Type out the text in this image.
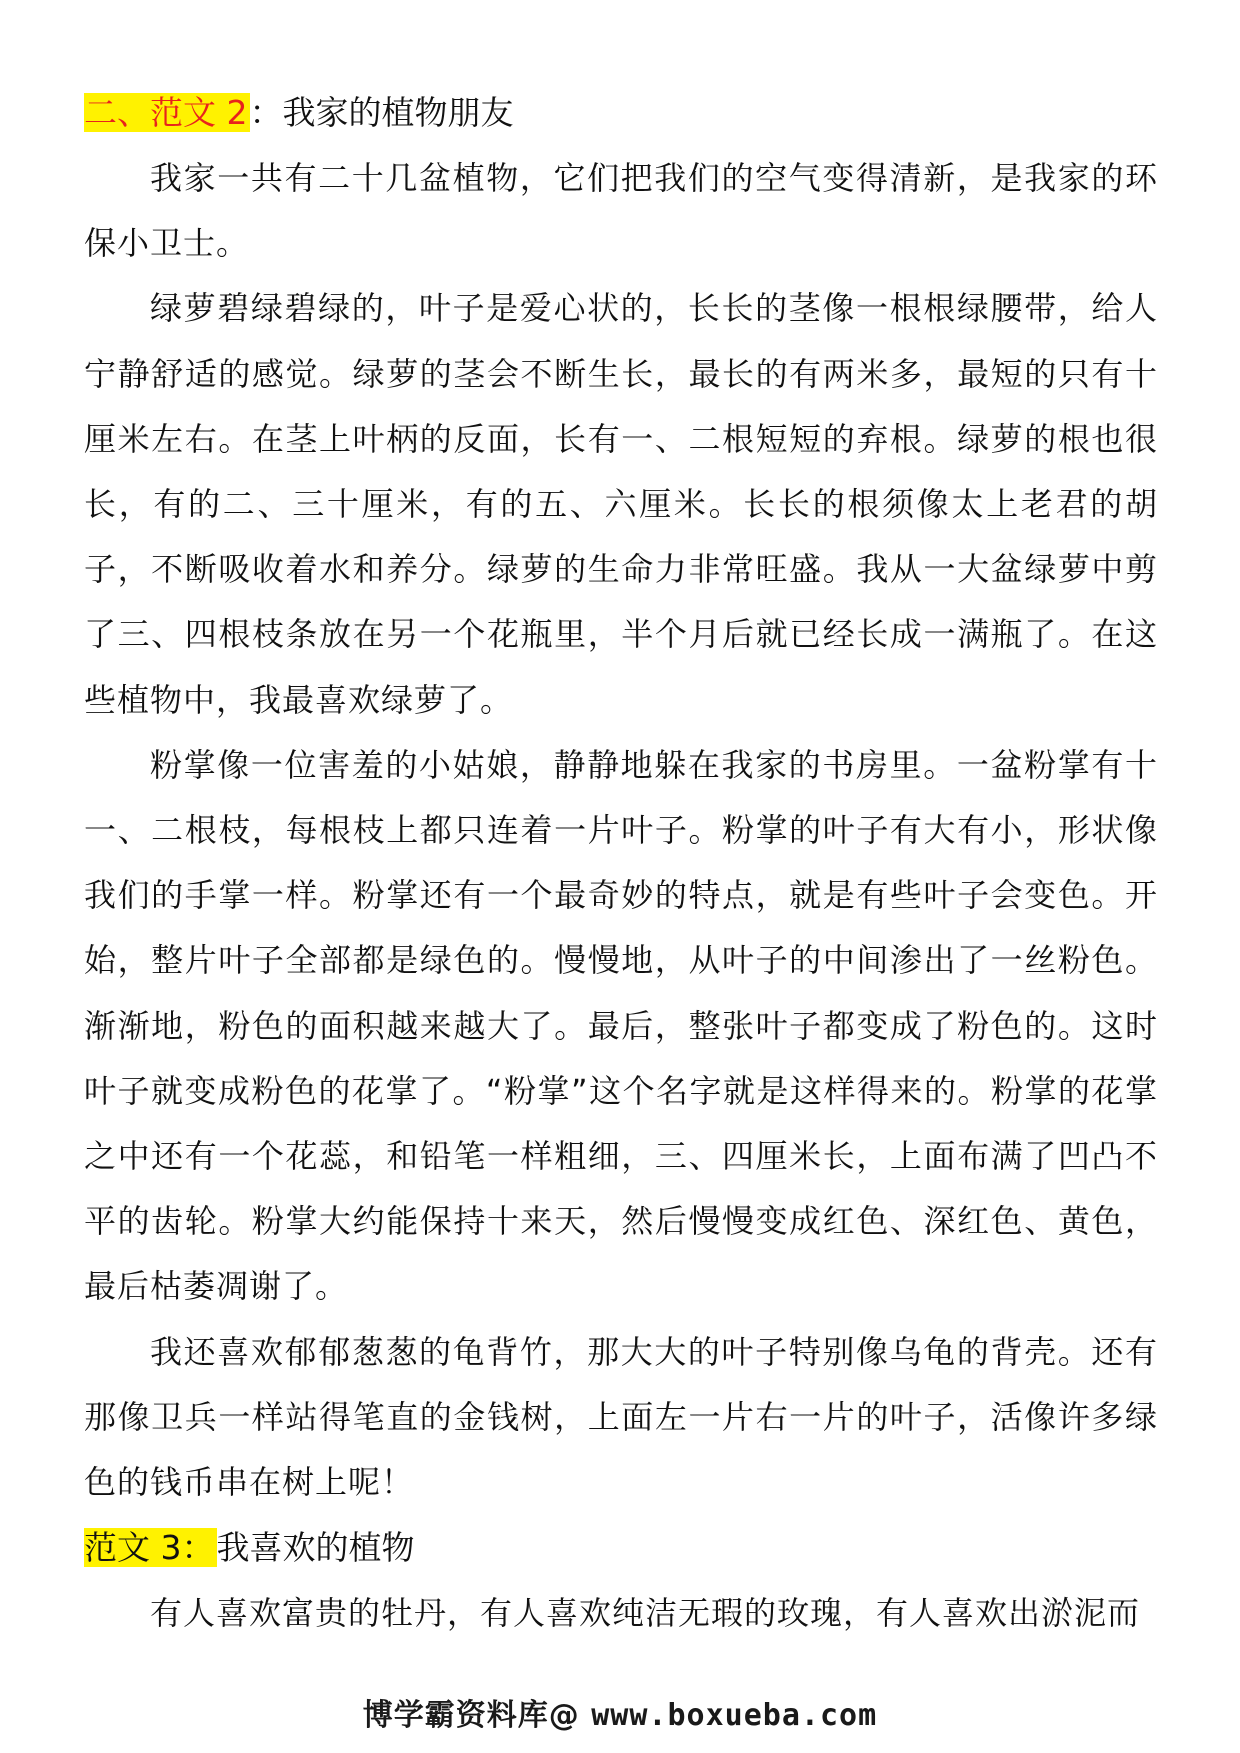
二、范文 2：我家的植物朋友

我家一共有二十几盆植物，它们把我们的空气变得清新，是我家的环保小卫士。

绿萝碧绿碧绿的，叶子是爱心状的，长长的茎像一根根绿腰带，给人宁静舒适的感觉。绿萝的茎会不断生长，最长的有两米多，最短的只有十厘米左右。在茎上叶柄的反面，长有一、二根短短的弃根。绿萝的根也很长，有的二、三十厘米，有的五、六厘米。长长的根须像太上老君的胡子，不断吸收着水和养分。绿萝的生命力非常旺盛。我从一大盆绿萝中剪了三、四根枝条放在另一个花瓶里，半个月后就已经长成一满瓶了。在这些植物中，我最喜欢绿萝了。

粉掌像一位害羞的小姑娘，静静地躲在我家的书房里。一盆粉掌有十一、二根枝，每根枝上都只连着一片叶子。粉掌的叶子有大有小，形状像我们的手掌一样。粉掌还有一个最奇妙的特点，就是有些叶子会变色。开始，整片叶子全部都是绿色的。慢慢地，从叶子的中间渗出了一丝粉色。渐渐地，粉色的面积越来越大了。最后，整张叶子都变成了粉色的。这时叶子就变成粉色的花掌了。“粉掌”这个名字就是这样得来的。粉掌的花掌之中还有一个花蕊，和铅笔一样粗细，三、四厘米长，上面布满了凹凸不平的齿轮。粉掌大约能保持十来天，然后慢慢变成红色、深红色、黄色，最后枯萎凋谢了。

我还喜欢郁郁葱葱的龟背竹，那大大的叶子特别像乌龟的背壳。还有那像卫兵一样站得笔直的金钱树，上面左一片右一片的叶子，活像许多绿色的钱币串在树上呢！

范文 3：我喜欢的植物

有人喜欢富贵的牡丹，有人喜欢纯洁无瑕的玫瑰，有人喜欢出淤泥而

博学霸资料库@ www.boxueba.com
